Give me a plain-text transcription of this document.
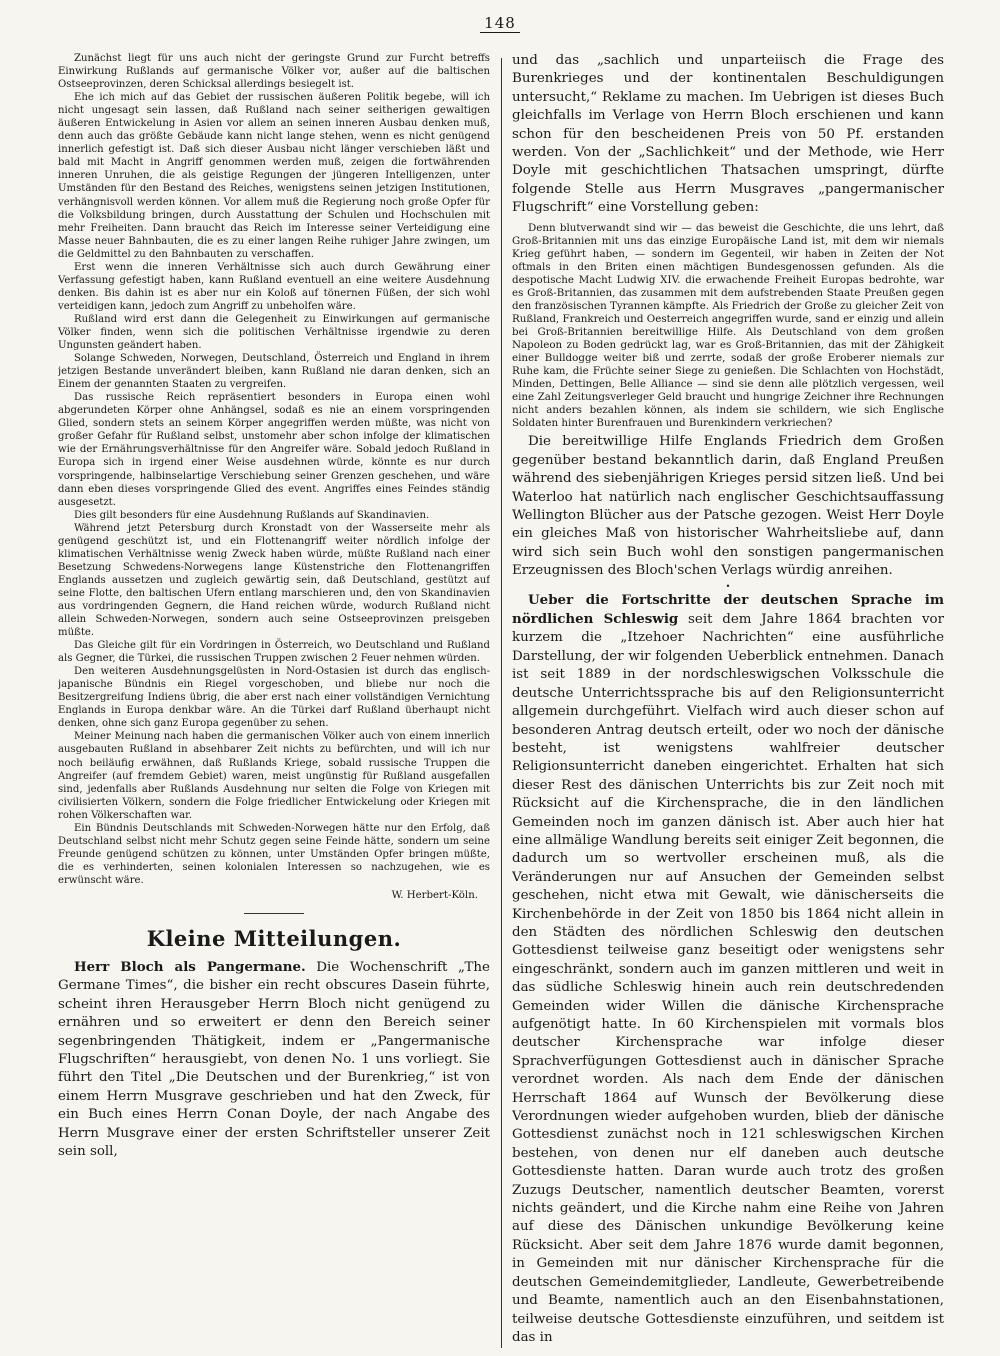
148

Zunächst liegt für uns auch nicht der geringste Grund zur Furcht betreffs Einwirkung Rußlands auf germanische Völker vor, außer auf die baltischen Ostseeprovinzen, deren Schicksal allerdings besiegelt ist.

Ehe ich mich auf das Gebiet der russischen äußeren Politik begebe, will ich nicht ungesagt sein lassen, daß Rußland nach seiner seitherigen gewaltigen äußeren Entwickelung in Asien vor allem an seinen inneren Ausbau denken muß, denn auch das größte Gebäude kann nicht lange stehen, wenn es nicht genügend innerlich gefestigt ist. Daß sich dieser Ausbau nicht länger verschieben läßt und bald mit Macht in Angriff genommen werden muß, zeigen die fortwährenden inneren Unruhen, die als geistige Regungen der jüngeren Intelligenzen, unter Umständen für den Bestand des Reiches, wenigstens seinen jetzigen Institutionen, verhängnisvoll werden können. Vor allem muß die Regierung noch große Opfer für die Volksbildung bringen, durch Ausstattung der Schulen und Hochschulen mit mehr Freiheiten. Dann braucht das Reich im Interesse seiner Verteidigung eine Masse neuer Bahnbauten, die es zu einer langen Reihe ruhiger Jahre zwingen, um die Geldmittel zu den Bahnbauten zu verschaffen.

Erst wenn die inneren Verhältnisse sich auch durch Gewährung einer Verfassung gefestigt haben, kann Rußland eventuell an eine weitere Ausdehnung denken. Bis dahin ist es aber nur ein Koloß auf tönernen Füßen, der sich wohl verteidigen kann, jedoch zum Angriff zu unbeholfen wäre.

Rußland wird erst dann die Gelegenheit zu Einwirkungen auf germanische Völker finden, wenn sich die politischen Verhältnisse irgendwie zu deren Ungunsten geändert haben.

Solange Schweden, Norwegen, Deutschland, Österreich und England in ihrem jetzigen Bestande unverändert bleiben, kann Rußland nie daran denken, sich an Einem der genannten Staaten zu vergreifen.

Das russische Reich repräsentiert besonders in Europa einen wohl abgerundeten Körper ohne Anhängsel, sodaß es nie an einem vorspringenden Glied, sondern stets an seinem Körper angegriffen werden müßte, was nicht von großer Gefahr für Rußland selbst, unstomehr aber schon infolge der klimatischen wie der Ernährungsverhältnisse für den Angreifer wäre. Sobald jedoch Rußland in Europa sich in irgend einer Weise ausdehnen würde, könnte es nur durch vorspringende, halbinselartige Verschiebung seiner Grenzen geschehen, und wäre dann eben dieses vorspringende Glied des event. Angriffes eines Feindes ständig ausgesetzt.

Dies gilt besonders für eine Ausdehnung Rußlands auf Skandinavien.

Während jetzt Petersburg durch Kronstadt von der Wasserseite mehr als genügend geschützt ist, und ein Flottenangriff weiter nördlich infolge der klimatischen Verhältnisse wenig Zweck haben würde, müßte Rußland nach einer Besetzung Schwedens-Norwegens lange Küstenstriche den Flottenangriffen Englands aussetzen und zugleich gewärtig sein, daß Deutschland, gestützt auf seine Flotte, den baltischen Ufern entlang marschieren und, den von Skandinavien aus vordringenden Gegnern, die Hand reichen würde, wodurch Rußland nicht allein Schweden-Norwegen, sondern auch seine Ostseeprovinzen preisgeben müßte.

Das Gleiche gilt für ein Vordringen in Österreich, wo Deutschland und Rußland als Gegner, die Türkei, die russischen Truppen zwischen 2 Feuer nehmen würden.

Den weiteren Ausdehnungsgelüsten in Nord-Ostasien ist durch das englisch-japanische Bündnis ein Riegel vorgeschoben, und bliebe nur noch die Besitzergreifung Indiens übrig, die aber erst nach einer vollständigen Vernichtung Englands in Europa denkbar wäre. An die Türkei darf Rußland überhaupt nicht denken, ohne sich ganz Europa gegenüber zu sehen.

Meiner Meinung nach haben die germanischen Völker auch von einem innerlich ausgebauten Rußland in absehbarer Zeit nichts zu befürchten, und will ich nur noch beiläufig erwähnen, daß Rußlands Kriege, sobald russische Truppen die Angreifer (auf fremdem Gebiet) waren, meist ungünstig für Rußland ausgefallen sind, jedenfalls aber Rußlands Ausdehnung nur selten die Folge von Kriegen mit civilisierten Völkern, sondern die Folge friedlicher Entwickelung oder Kriegen mit rohen Völkerschaften war.

Ein Bündnis Deutschlands mit Schweden-Norwegen hätte nur den Erfolg, daß Deutschland selbst nicht mehr Schutz gegen seine Feinde hätte, sondern um seine Freunde genügend schützen zu können, unter Umständen Opfer bringen müßte, die es verhinderten, seinen kolonialen Interessen so nachzugehen, wie es erwünscht wäre.

W. Herbert-Köln.
Kleine Mitteilungen.

Herr Bloch als Pangermane. Die Wochenschrift „The Germane Times“, die bisher ein recht obscures Dasein führte, scheint ihren Herausgeber Herrn Bloch nicht genügend zu ernähren und so erweitert er denn den Bereich seiner segenbringenden Thätigkeit, indem er „Pangermanische Flugschriften“ herausgiebt, von denen No. 1 uns vorliegt. Sie führt den Titel „Die Deutschen und der Burenkrieg,“ ist von einem Herrn Musgrave geschrieben und hat den Zweck, für ein Buch eines Herrn Conan Doyle, der nach Angabe des Herrn Musgrave einer der ersten Schriftsteller unserer Zeit sein soll,

und das „sachlich und unparteiisch die Frage des Burenkrieges und der kontinentalen Beschuldigungen untersucht,“ Reklame zu machen. Im Uebrigen ist dieses Buch gleichfalls im Verlage von Herrn Bloch erschienen und kann schon für den bescheidenen Preis von 50 Pf. erstanden werden. Von der „Sachlichkeit“ und der Methode, wie Herr Doyle mit geschichtlichen Thatsachen umspringt, dürfte folgende Stelle aus Herrn Musgraves „pangermanischer Flugschrift“ eine Vorstellung geben:

Denn blutverwandt sind wir — das beweist die Geschichte, die uns lehrt, daß Groß-Britannien mit uns das einzige Europäische Land ist, mit dem wir niemals Krieg geführt haben, — sondern im Gegenteil, wir haben in Zeiten der Not oftmals in den Briten einen mächtigen Bundesgenossen gefunden. Als die despotische Macht Ludwig XIV. die erwachende Freiheit Europas bedrohte, war es Groß-Britannien, das zusammen mit dem aufstrebenden Staate Preußen gegen den französischen Tyrannen kämpfte. Als Friedrich der Große zu gleicher Zeit von Rußland, Frankreich und Oesterreich angegriffen wurde, sand er einzig und allein bei Groß-Britannien bereitwillige Hilfe. Als Deutschland von dem großen Napoleon zu Boden gedrückt lag, war es Groß-Britannien, das mit der Zähigkeit einer Bulldogge weiter biß und zerrte, sodaß der große Eroberer niemals zur Ruhe kam, die Früchte seiner Siege zu genießen. Die Schlachten von Hochstädt, Minden, Dettingen, Belle Alliance — sind sie denn alle plötzlich vergessen, weil eine Zahl Zeitungsverleger Geld braucht und hungrige Zeichner ihre Rechnungen nicht anders bezahlen können, als indem sie schildern, wie sich Englische Soldaten hinter Burenfrauen und Burenkindern verkriechen?

Die bereitwillige Hilfe Englands Friedrich dem Großen gegenüber bestand bekanntlich darin, daß England Preußen während des siebenjährigen Krieges persid sitzen ließ. Und bei Waterloo hat natürlich nach englischer Geschichtsauffassung Wellington Blücher aus der Patsche gezogen. Weist Herr Doyle ein gleiches Maß von historischer Wahrheitsliebe auf, dann wird sich sein Buch wohl den sonstigen pangermanischen Erzeugnissen des Bloch'schen Verlags würdig anreihen.

•

Ueber die Fortschritte der deutschen Sprache im nördlichen Schleswig seit dem Jahre 1864 brachten vor kurzem die „Itzehoer Nachrichten“ eine ausführliche Darstellung, der wir folgenden Ueberblick entnehmen. Danach ist seit 1889 in der nordschleswigschen Volksschule die deutsche Unterrichtssprache bis auf den Religionsunterricht allgemein durchgeführt. Vielfach wird auch dieser schon auf besonderen Antrag deutsch erteilt, oder wo noch der dänische besteht, ist wenigstens wahlfreier deutscher Religionsunterricht daneben eingerichtet. Erhalten hat sich dieser Rest des dänischen Unterrichts bis zur Zeit noch mit Rücksicht auf die Kirchensprache, die in den ländlichen Gemeinden noch im ganzen dänisch ist. Aber auch hier hat eine allmälige Wandlung bereits seit einiger Zeit begonnen, die dadurch um so wertvoller erscheinen muß, als die Veränderungen nur auf Ansuchen der Gemeinden selbst geschehen, nicht etwa mit Gewalt, wie dänischerseits die Kirchenbehörde in der Zeit von 1850 bis 1864 nicht allein in den Städten des nördlichen Schleswig den deutschen Gottesdienst teilweise ganz beseitigt oder wenigstens sehr eingeschränkt, sondern auch im ganzen mittleren und weit in das südliche Schleswig hinein auch rein deutschredenden Gemeinden wider Willen die dänische Kirchensprache aufgenötigt hatte. In 60 Kirchenspielen mit vormals blos deutscher Kirchensprache war infolge dieser Sprachverfügungen Gottesdienst auch in dänischer Sprache verordnet worden. Als nach dem Ende der dänischen Herrschaft 1864 auf Wunsch der Bevölkerung diese Verordnungen wieder aufgehoben wurden, blieb der dänische Gottesdienst zunächst noch in 121 schleswigschen Kirchen bestehen, von denen nur elf daneben auch deutsche Gottesdienste hatten. Daran wurde auch trotz des großen Zuzugs Deutscher, namentlich deutscher Beamten, vorerst nichts geändert, und die Kirche nahm eine Reihe von Jahren auf diese des Dänischen unkundige Bevölkerung keine Rücksicht. Aber seit dem Jahre 1876 wurde damit begonnen, in Gemeinden mit nur dänischer Kirchensprache für die deutschen Gemeindemitglieder, Landleute, Gewerbetreibende und Beamte, namentlich auch an den Eisenbahnstationen, teilweise deutsche Gottesdienste einzuführen, und seitdem ist das in
